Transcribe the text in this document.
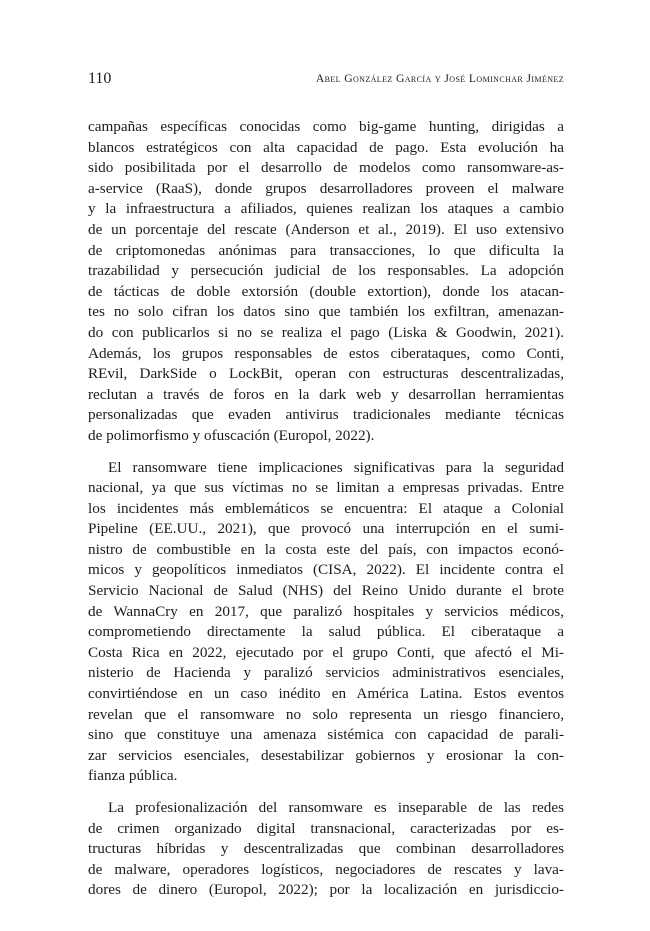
110	Abel González García y José Lominchar Jiménez
campañas específicas conocidas como big-game hunting, dirigidas a
blancos estratégicos con alta capacidad de pago. Esta evolución ha
sido posibilitada por el desarrollo de modelos como ransomware-as-
a-service (RaaS), donde grupos desarrolladores proveen el malware
y la infraestructura a afiliados, quienes realizan los ataques a cambio
de un porcentaje del rescate (Anderson et al., 2019). El uso extensivo
de criptomonedas anónimas para transacciones, lo que dificulta la
trazabilidad y persecución judicial de los responsables. La adopción
de tácticas de doble extorsión (double extortion), donde los atacan-
tes no solo cifran los datos sino que también los exfiltran, amenazan-
do con publicarlos si no se realiza el pago (Liska & Goodwin, 2021).
Además, los grupos responsables de estos ciberataques, como Conti,
REvil, DarkSide o LockBit, operan con estructuras descentralizadas,
reclutan a través de foros en la dark web y desarrollan herramientas
personalizadas que evaden antivirus tradicionales mediante técnicas
de polimorfismo y ofuscación (Europol, 2022).
El ransomware tiene implicaciones significativas para la seguridad
nacional, ya que sus víctimas no se limitan a empresas privadas. Entre
los incidentes más emblemáticos se encuentra: El ataque a Colonial
Pipeline (EE.UU., 2021), que provocó una interrupción en el sumi-
nistro de combustible en la costa este del país, con impactos econó-
micos y geopolíticos inmediatos (CISA, 2022). El incidente contra el
Servicio Nacional de Salud (NHS) del Reino Unido durante el brote
de WannaCry en 2017, que paralizó hospitales y servicios médicos,
comprometiendo directamente la salud pública. El ciberataque a
Costa Rica en 2022, ejecutado por el grupo Conti, que afectó el Mi-
nisterio de Hacienda y paralizó servicios administrativos esenciales,
convirtiéndose en un caso inédito en América Latina. Estos eventos
revelan que el ransomware no solo representa un riesgo financiero,
sino que constituye una amenaza sistémica con capacidad de parali-
zar servicios esenciales, desestabilizar gobiernos y erosionar la con-
fianza pública.
La profesionalización del ransomware es inseparable de las redes
de crimen organizado digital transnacional, caracterizadas por es-
tructuras híbridas y descentralizadas que combinan desarrolladores
de malware, operadores logísticos, negociadores de rescates y lava-
dores de dinero (Europol, 2022); por la localización en jurisdiccio-
